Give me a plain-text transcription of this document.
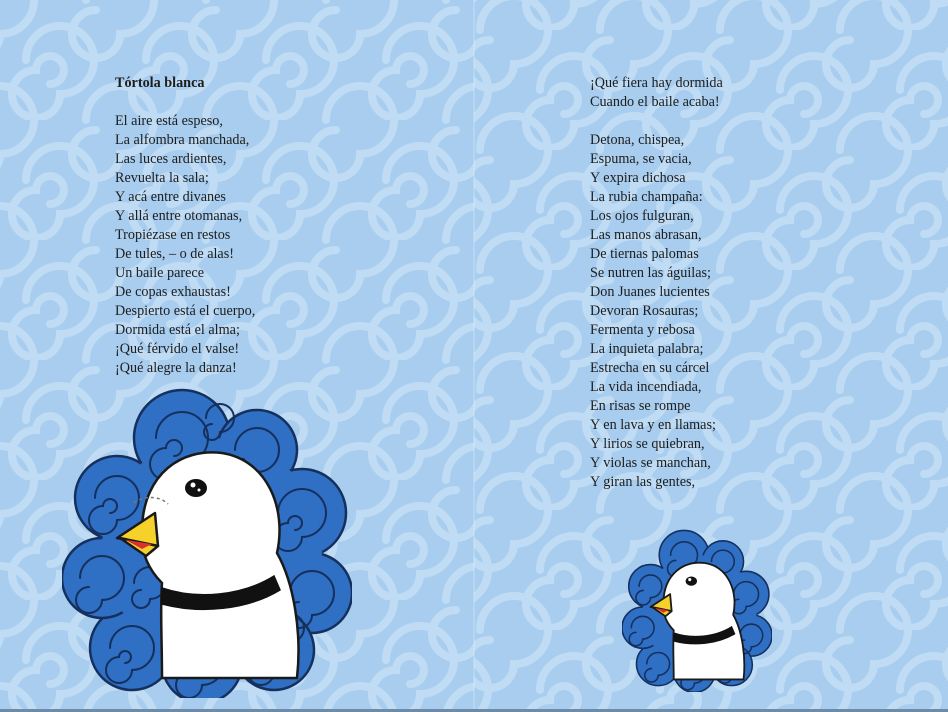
Tórtola blanca
El aire está espeso,
La alfombra manchada,
Las luces ardientes,
Revuelta la sala;
Y acá entre divanes
Y allá entre otomanas,
Tropiézase en restos
De tules, – o de alas!
Un baile parece
De copas exhaustas!
Despierto está el cuerpo,
Dormida está el alma;
¡Qué férvido el valse!
¡Qué alegre la danza!
¡Qué fiera hay dormida
Cuando el baile acaba!
Detona, chispea,
Espuma, se vacia,
Y expira dichosa
La rubia champaña:
Los ojos fulguran,
Las manos abrasan,
De tiernas palomas
Se nutren las águilas;
Don Juanes lucientes
Devoran Rosauras;
Fermenta y rebosa
La inquieta palabra;
Estrecha en su cárcel
La vida incendiada,
En risas se rompe
Y en lava y en llamas;
Y lirios se quiebran,
Y violas se manchan,
Y giran las gentes,
